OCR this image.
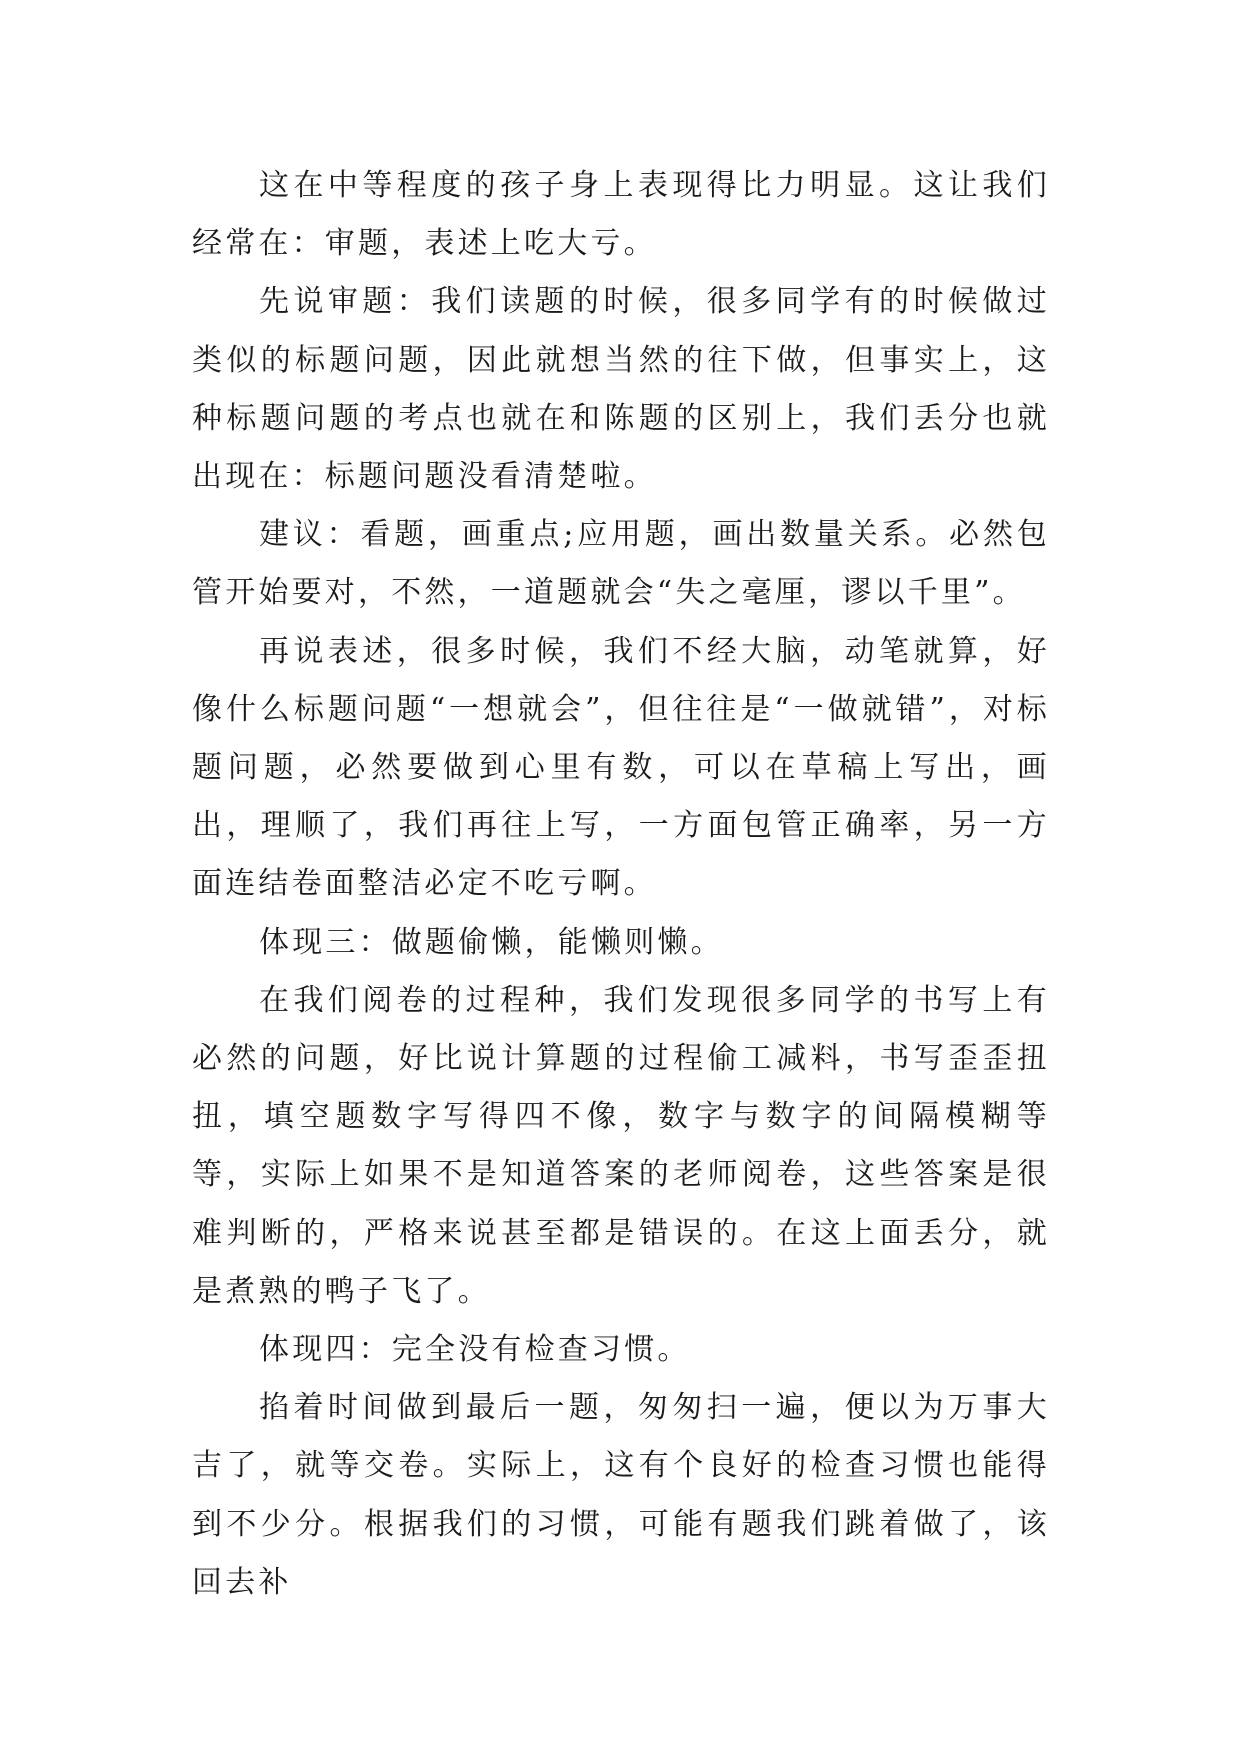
这在中等程度的孩子身上表现得比力明显。这让我们经常在：审题，表述上吃大亏。

先说审题：我们读题的时候，很多同学有的时候做过类似的标题问题，因此就想当然的往下做，但事实上，这种标题问题的考点也就在和陈题的区别上，我们丢分也就出现在：标题问题没看清楚啦。

建议：看题，画重点;应用题，画出数量关系。必然包管开始要对，不然，一道题就会“失之毫厘，谬以千里”。

再说表述，很多时候，我们不经大脑，动笔就算，好像什么标题问题“一想就会”，但往往是“一做就错”，对标题问题，必然要做到心里有数，可以在草稿上写出，画出，理顺了，我们再往上写，一方面包管正确率，另一方面连结卷面整洁必定不吃亏啊。

体现三：做题偷懒，能懒则懒。

在我们阅卷的过程种，我们发现很多同学的书写上有必然的问题，好比说计算题的过程偷工减料，书写歪歪扭扭，填空题数字写得四不像，数字与数字的间隔模糊等等，实际上如果不是知道答案的老师阅卷，这些答案是很难判断的，严格来说甚至都是错误的。在这上面丢分，就是煮熟的鸭子飞了。

体现四：完全没有检查习惯。

掐着时间做到最后一题，匆匆扫一遍，便以为万事大吉了，就等交卷。实际上，这有个良好的检查习惯也能得到不少分。根据我们的习惯，可能有题我们跳着做了，该回去补
